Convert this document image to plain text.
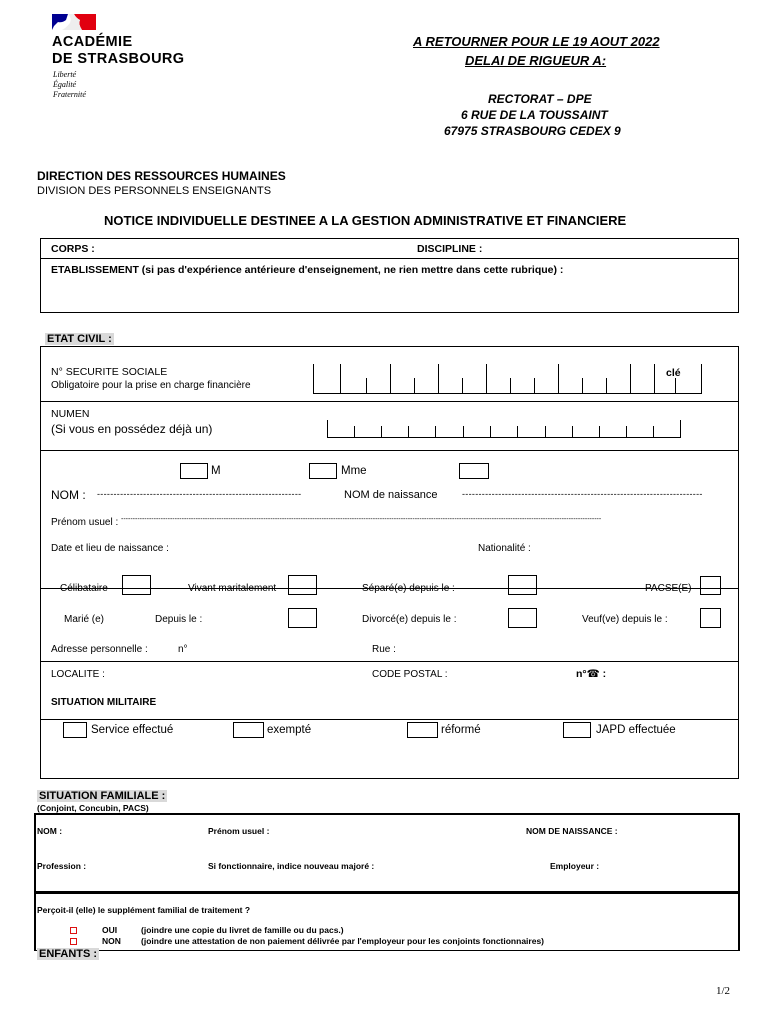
ACADÉMIE
DE STRASBOURG
Liberté
Égalité
Fraternité
A RETOURNER POUR LE 19 AOUT 2022
DELAI DE RIGUEUR A:
RECTORAT – DPE
6 RUE DE LA TOUSSAINT
67975 STRASBOURG CEDEX 9
DIRECTION DES RESSOURCES HUMAINES
DIVISION DES PERSONNELS ENSEIGNANTS
NOTICE INDIVIDUELLE DESTINEE A LA GESTION ADMINISTRATIVE ET FINANCIERE
CORPS :	DISCIPLINE :
ETABLISSEMENT (si pas d'expérience antérieure d'enseignement, ne rien mettre dans cette rubrique) :
ETAT CIVIL :
N° SECURITE SOCIALE
Obligatoire pour la prise en charge financière
clé
NUMEN
(Si vous en possédez déjà un)
M	Mme
NOM : --------------------------------------------------------------	NOM de naissance	-------------------------------------------------------------------------
Prénom usuel : --------------------------------------------------------------------------------------------------------------------------------------------------------------------------------------------------------------
Date et lieu de naissance :	Nationalité :
Célibataire	Vivant maritalement	Séparé(e) depuis le :	PACSE(E)
Marié (e)	Depuis le :	Divorcé(e) depuis le :	Veuf(ve) depuis le :
Adresse personnelle :	n°	Rue :
LOCALITE :	CODE POSTAL :	n°☎ :
SITUATION MILITAIRE
Service effectué	exempté	réformé	JAPD effectuée
SITUATION FAMILIALE :
(Conjoint, Concubin, PACS)
NOM :	Prénom usuel :	NOM DE NAISSANCE :
Profession :	Si fonctionnaire, indice nouveau majoré :	Employeur :
Perçoit-il (elle) le supplément familial de traitement ?
OUI	(joindre une copie du livret de famille ou du pacs.)
NON (joindre une attestation de non paiement délivrée par l'employeur pour les conjoints fonctionnaires)
ENFANTS :
1/2
